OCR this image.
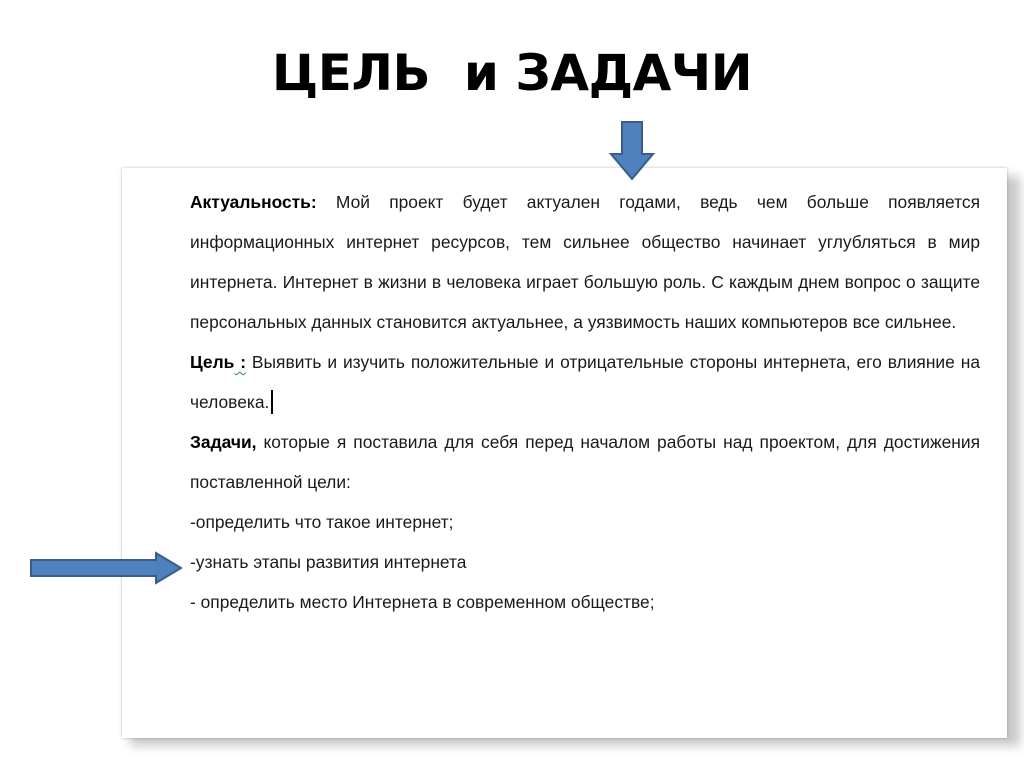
ЦЕЛЬ  и ЗАДАЧИ

Актуальность: Мой проект будет актуален годами, ведь чем больше появляется информационных интернет ресурсов, тем сильнее общество начинает углубляться в мир интернета. Интернет в жизни в человека играет большую роль. С каждым днем вопрос о защите персональных данных становится актуальнее, а уязвимость наших компьютеров все сильнее.

Цель : Выявить и изучить положительные и отрицательные стороны интернета, его влияние на человека.

Задачи, которые я поставила для себя перед началом работы над проектом, для достижения поставленной цели:

-определить что такое интернет;

-узнать этапы развития интернета

- определить место Интернета в современном обществе;
